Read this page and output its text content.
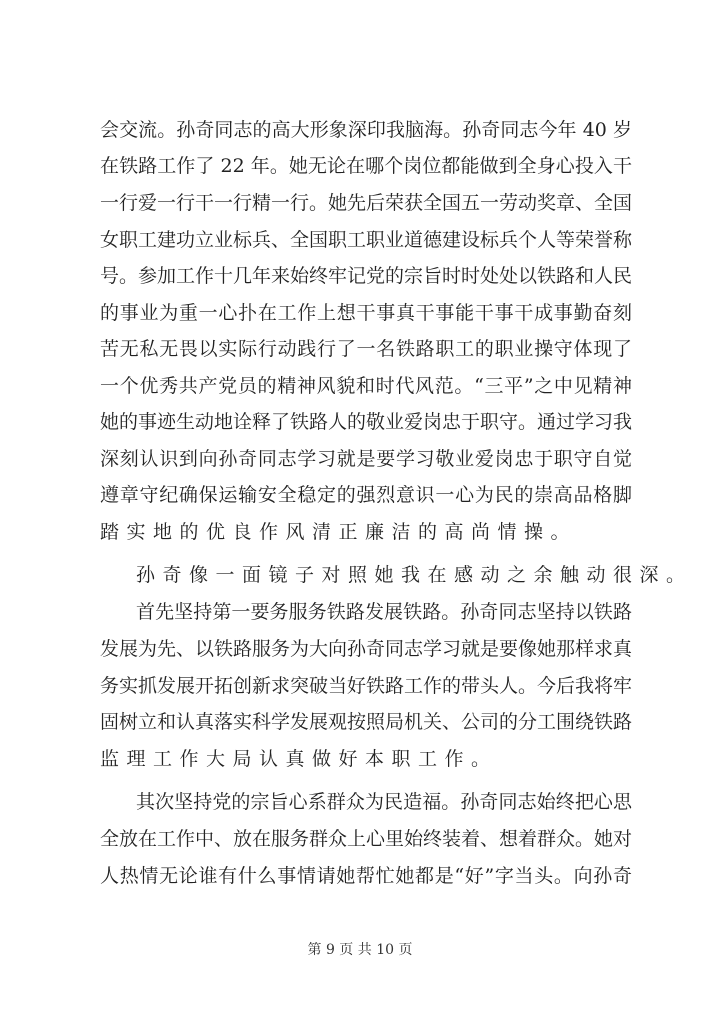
会交流。孙奇同志的高大形象深印我脑海。孙奇同志今年 40 岁
在铁路工作了 22 年。她无论在哪个岗位都能做到全身心投入干
一行爱一行干一行精一行。她先后荣获全国五一劳动奖章、全国
女职工建功立业标兵、全国职工职业道德建设标兵个人等荣誉称
号。参加工作十几年来始终牢记党的宗旨时时处处以铁路和人民
的事业为重一心扑在工作上想干事真干事能干事干成事勤奋刻
苦无私无畏以实际行动践行了一名铁路职工的职业操守体现了
一个优秀共产党员的精神风貌和时代风范。“三平”之中见精神
她的事迹生动地诠释了铁路人的敬业爱岗忠于职守。通过学习我
深刻认识到向孙奇同志学习就是要学习敬业爱岗忠于职守自觉
遵章守纪确保运输安全稳定的强烈意识一心为民的崇高品格脚
踏实地的优良作风清正廉洁的高尚情操。
孙奇像一面镜子对照她我在感动之余触动很深。
首先坚持第一要务服务铁路发展铁路。孙奇同志坚持以铁路
发展为先、以铁路服务为大向孙奇同志学习就是要像她那样求真
务实抓发展开拓创新求突破当好铁路工作的带头人。今后我将牢
固树立和认真落实科学发展观按照局机关、公司的分工围绕铁路
监理工作大局认真做好本职工作。
其次坚持党的宗旨心系群众为民造福。孙奇同志始终把心思
全放在工作中、放在服务群众上心里始终装着、想着群众。她对
人热情无论谁有什么事情请她帮忙她都是“好”字当头。向孙奇
第 9 页 共 10 页
